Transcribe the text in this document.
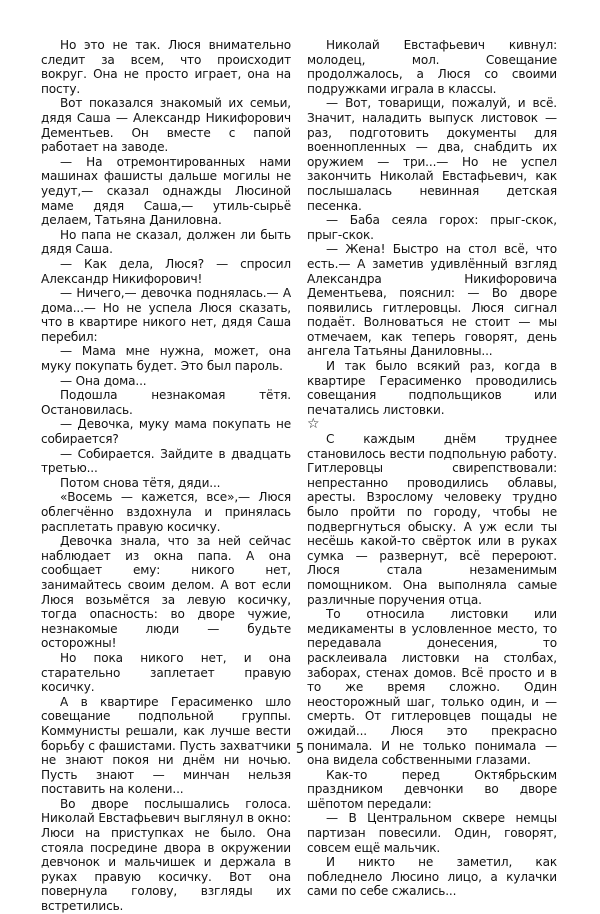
Но это не так. Люся внимательно следит за всем, что происходит вокруг. Она не просто играет, она на посту.

Вот показался знакомый их семьи, дядя Саша — Александр Никифорович Дементьев. Он вместе с папой работает на заводе.

— На отремонтированных нами машинах фашисты дальше могилы не уедут,— сказал однажды Люсиной маме дядя Саша,— утиль-сырьё делаем, Татьяна Даниловна.

Но папа не сказал, должен ли быть дядя Саша.

— Как дела, Люся? — спросил Александр Никифорович!

— Ничего,— девочка поднялась.— А дома...— Но не успела Люся сказать, что в квартире никого нет, дядя Саша перебил:

— Мама мне нужна, может, она муку покупать будет. Это был пароль.

— Она дома...

Подошла незнакомая тётя. Остановилась.

— Девочка, муку мама покупать не собирается?

— Собирается. Зайдите в двадцать третью...

Потом снова тётя, дяди...

«Восемь — кажется, все»,— Люся облегчённо вздохнула и принялась расплетать правую косичку.

Девочка знала, что за ней сейчас наблюдает из окна папа. А она сообщает ему: никого нет, занимайтесь своим делом. А вот если Люся возьмётся за левую косичку, тогда опасность: во дворе чужие, незнакомые люди — будьте осторожны!

Но пока никого нет, и она старательно заплетает правую косичку.

А в квартире Герасименко шло совещание подпольной группы. Коммунисты решали, как лучше вести борьбу с фашистами. Пусть захватчики не знают покоя ни днём ни ночью. Пусть знают — минчан нельзя поставить на колени...

Во дворе послышались голоса. Николай Евстафьевич выглянул в окно: Люси на приступках не было. Она стояла посредине двора в окружении девчонок и мальчишек и держала в руках правую косичку. Вот она повернула голову, взгляды их встретились.

Николай Евстафьевич кивнул: молодец, мол. Совещание продолжалось, а Люся со своими подружками играла в классы.

— Вот, товарищи, пожалуй, и всё. Значит, наладить выпуск листовок — раз, подготовить документы для военнопленных — два, снабдить их оружием — три...— Но не успел закончить Николай Евстафьевич, как послышалась невинная детская песенка.

— Баба сеяла горох: прыг-скок, прыг-скок.

— Жена! Быстро на стол всё, что есть.— А заметив удивлённый взгляд Александра Никифоровича Дементьева, пояснил: — Во дворе появились гитлеровцы. Люся сигнал подаёт. Волноваться не стоит — мы отмечаем, как теперь говорят, день ангела Татьяны Даниловны...

И так было всякий раз, когда в квартире Герасименко проводились совещания подпольщиков или печатались листовки.

☆

С каждым днём труднее становилось вести подпольную работу. Гитлеровцы свирепствовали: непрестанно проводились облавы, аресты. Взрослому человеку трудно было пройти по городу, чтобы не подвергнуться обыску. А уж если ты несёшь какой-то свёрток или в руках сумка — развернут, всё перероют. Люся стала незаменимым помощником. Она выполняла самые различные поручения отца.

То относила листовки или медикаменты в условленное место, то передавала донесения, то расклеивала листовки на столбах, заборах, стенах домов. Всё просто и в то же время сложно. Один неосторожный шаг, только один, и — смерть. От гитлеровцев пощады не ожидай... Люся это прекрасно понимала. И не только понимала — она видела собственными глазами.

Как-то перед Октябрьским праздником девчонки во дворе шёпотом передали:

— В Центральном сквере немцы партизан повесили. Один, говорят, совсем ещё мальчик.

И никто не заметил, как побледнело Люсино лицо, а кулачки сами по себе сжались...

5
